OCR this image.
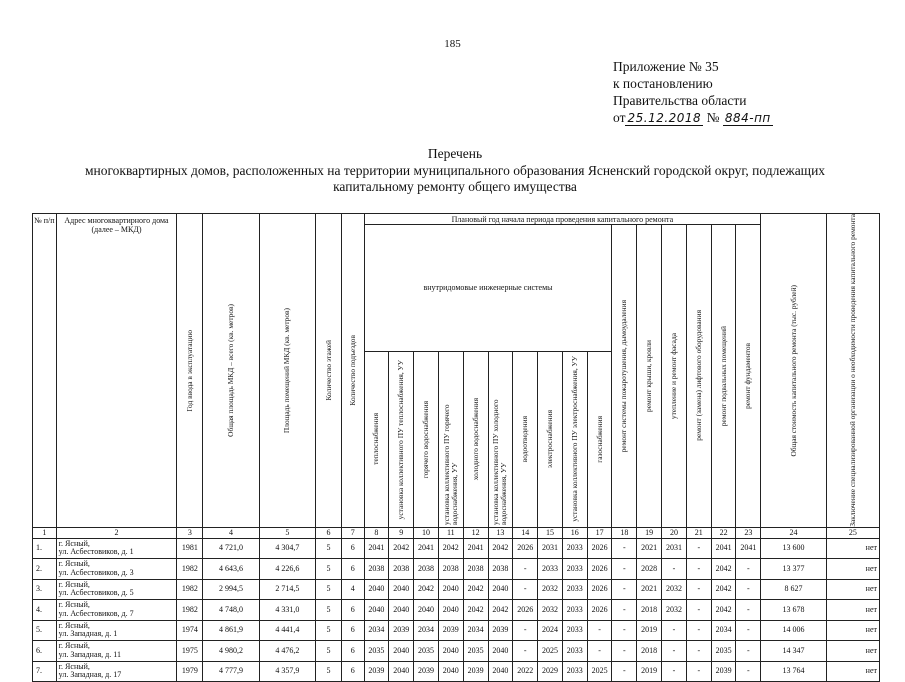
185
Приложение № 35
к постановлению
Правительства области
от 25.12.2018 № 884-пп
Перечень
многоквартирных домов, расположенных на территории муниципального образования Ясненский городской округ, подлежащих
капитальному ремонту общего имущества
№ п/п	Адрес многоквартирного дома (далее – МКД)	Год ввода в эксплуатацию	Общая площадь МКД – всего (кв. метров)	Площадь помещений МКД (кв. метров)	Количество этажей	Количество подъездов	Плановый год начала периода проведения капитального ремонта																Общая стоимость капитального ремонта (тыс. рублей)	Заключение специализированной организации о необходимости проведения капитального ремонта

							внутридомовые инженерные системы										ремонт системы пожаротушения, дымоудаления	ремонт крыши, кровли	утепление и ремонт фасада	ремонт (замена) лифтового оборудования	ремонт подвальных помещений	ремонт фундаментов		

							теплоснабжения	установка коллективного ПУ теплоснабжения, УУ	горячего водоснабжения	установка коллективного ПУ горячего водоснабжения, УУ	холодного водоснабжения	установка коллективного ПУ холодного водоснабжения, УУ	водоотведения	электроснабжения	установка коллективного ПУ электроснабжения, УУ	газоснабжения								

1	2	3	4	5	6	7	8	9	10	11	12	13	14	15	16	17	18	19	20	21	22	23	24	25
1.	г. Ясный,
ул. Асбестовиков, д. 1	1981	4 721,0	4 304,7	5	6	2041	2042	2041	2042	2041	2042	2026	2031	2033	2026	-	2021	2031	-	2041	2041	13 600	нет
2.	г. Ясный,
ул. Асбестовиков, д. 3	1982	4 643,6	4 226,6	5	6	2038	2038	2038	2038	2038	2038	-	2033	2033	2026	-	2028	-	-	2042	-	13 377	нет
3.	г. Ясный,
ул. Асбестовиков, д. 5	1982	2 994,5	2 714,5	5	4	2040	2040	2042	2040	2042	2040	-	2032	2033	2026	-	2021	2032	-	2042	-	8 627	нет
4.	г. Ясный,
ул. Асбестовиков, д. 7	1982	4 748,0	4 331,0	5	6	2040	2040	2040	2040	2042	2042	2026	2032	2033	2026	-	2018	2032	-	2042	-	13 678	нет
5.	г. Ясный,
ул. Западная, д. 1	1974	4 861,9	4 441,4	5	6	2034	2039	2034	2039	2034	2039	-	2024	2033	-	-	2019	-	-	2034	-	14 006	нет
6.	г. Ясный,
ул. Западная, д. 11	1975	4 980,2	4 476,2	5	6	2035	2040	2035	2040	2035	2040	-	2025	2033	-	-	2018	-	-	2035	-	14 347	нет
7.	г. Ясный,
ул. Западная, д. 17	1979	4 777,9	4 357,9	5	6	2039	2040	2039	2040	2039	2040	2022	2029	2033	2025	-	2019	-	-	2039	-	13 764	нет
